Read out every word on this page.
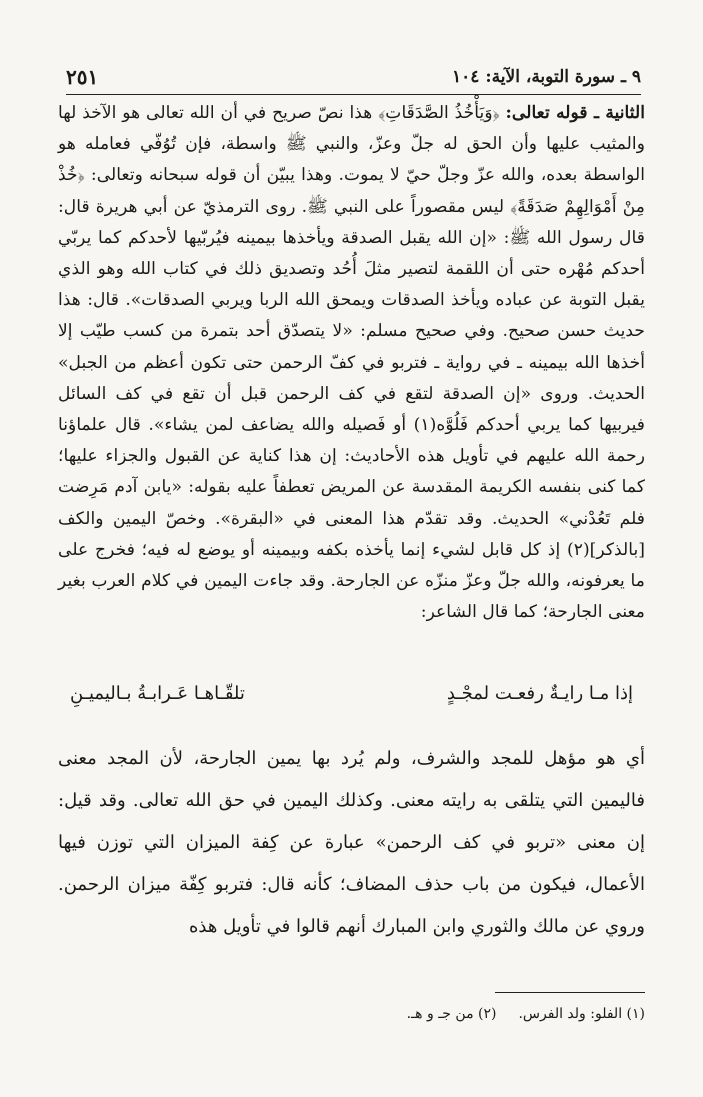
٢٥١	٩ ـ سورة التوبة، الآية: ١٠٤

الثانية ـ قوله تعالى: ﴿وَيَأْخُذُ الصَّدَقَاتِ﴾ هذا نصّ صريح في أن الله تعالى هو الآخذ لها والمثيب عليها وأن الحق له جلّ وعزّ، والنبي ﷺ واسطة، فإن تُوُفّي فعامله هو الواسطة بعده، والله عزّ وجلّ حيّ لا يموت. وهذا يبيّن أن قوله سبحانه وتعالى: ﴿خُذْ مِنْ أَمْوَالِهِمْ صَدَقَةً﴾ ليس مقصوراً على النبي ﷺ. روى الترمذيّ عن أبي هريرة قال: قال رسول الله ﷺ: «إن الله يقبل الصدقة ويأخذها بيمينه فيُربّيها لأحدكم كما يربّي أحدكم مُهْره حتى أن اللقمة لتصير مثلَ أُحُد وتصديق ذلك في كتاب الله وهو الذي يقبل التوبة عن عباده ويأخذ الصدقات ويمحق الله الربا ويربي الصدقات». قال: هذا حديث حسن صحيح. وفي صحيح مسلم: «لا يتصدّق أحد بتمرة من كسب طيّب إلا أخذها الله بيمينه ـ في رواية ـ فتربو في كفّ الرحمن حتى تكون أعظم من الجبل» الحديث. وروى «إن الصدقة لتقع في كف الرحمن قبل أن تقع في كف السائل فيربيها كما يربي أحدكم فَلُوَّه(١) أو فَصيله والله يضاعف لمن يشاء». قال علماؤنا رحمة الله عليهم في تأويل هذه الأحاديث: إن هذا كناية عن القبول والجزاء عليها؛ كما كنى بنفسه الكريمة المقدسة عن المريض تعطفاً عليه بقوله: «يابن آدم مَرِضت فلم تَعُدْني» الحديث. وقد تقدّم هذا المعنى في «البقرة». وخصّ اليمين والكف [بالذكر](٢) إذ كل قابل لشيء إنما يأخذه بكفه وبيمينه أو يوضع له فيه؛ فخرج على ما يعرفونه، والله جلّ وعزّ منزّه عن الجارحة. وقد جاءت اليمين في كلام العرب بغير معنى الجارحة؛ كما قال الشاعر:

إذا مـا رايـةٌ رفعـت لمجْـدٍ
تلقّـاهـا عَـرابـةُ بـاليميـنِ

أي هو مؤهل للمجد والشرف، ولم يُرد بها يمين الجارحة، لأن المجد معنى فاليمين التي يتلقى به رايته معنى. وكذلك اليمين في حق الله تعالى. وقد قيل: إن معنى «تربو في كف الرحمن» عبارة عن كِفة الميزان التي توزن فيها الأعمال، فيكون من باب حذف المضاف؛ كأنه قال: فتربو كِفّة ميزان الرحمن. وروي عن مالك والثوري وابن المبارك أنهم قالوا في تأويل هذه

(١) الفلو: ولد الفرس.
(٢) من جـ و هـ.
